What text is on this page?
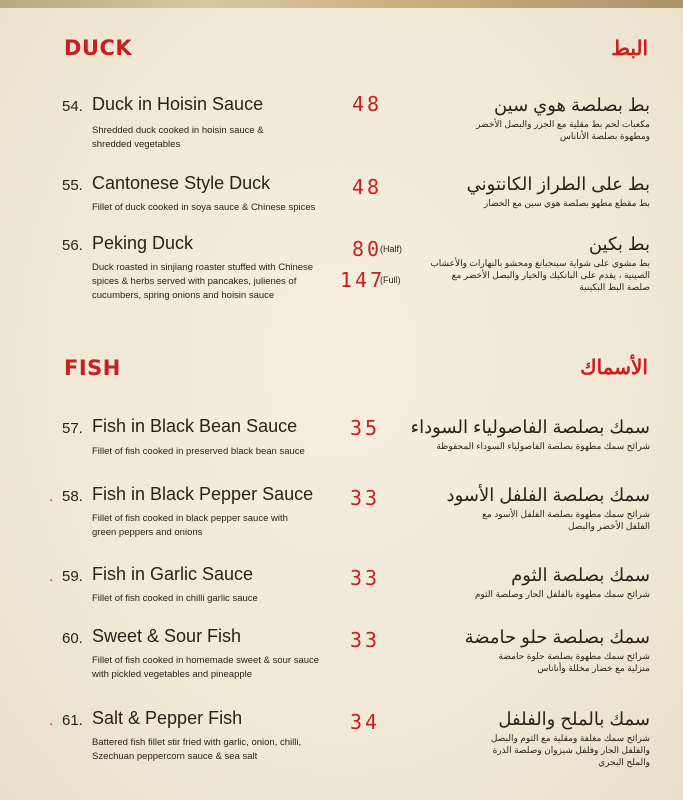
DUCK	البط
54. Duck in Hoisin Sauce
Shredded duck cooked in hoisin sauce & shredded vegetables
48	بط بصلصة هوي سين
مكعبات لحم بط مقلية مع الجزر والبصل الأخضر ومطهوة بصلصة الأناناس
55. Cantonese Style Duck
Fillet of duck cooked in soya sauce & Chinese spices
48	بط على الطراز الكانتوني
بط مقطع مطهو بصلصة هوي سين مع الخضار
56. Peking Duck
Duck roasted in sinjiang roaster stuffed with Chinese spices & herbs served with pancakes, julienes of cucumbers, spring onions and hoisin sauce
80
(Half)
147
(Full)
بط بكين
بط مشوي على شواية سينجيانغ ومحشو بالبهارات والأعشاب الصينية ، يقدم على البانكيك والخيار والبصل الأخضر مع صلصة البط البكينية
FISH	الأسماك
57. Fish in Black Bean Sauce
Fillet of fish cooked in preserved black bean sauce
35 سمك بصلصة الفاصولياء السوداء
شرائح سمك مطهوة بصلصة الفاصولياء السوداء المحفوظة
˛ 58. Fish in Black Pepper Sauce
Fillet of fish cooked in black pepper sauce with green peppers and onions
33	سمك بصلصة الفلفل الأسود
شرائح سمك مطهوة بصلصة الفلفل الأسود مع الفلفل الأخضر والبصل
˛ 59. Fish in Garlic Sauce
Fillet of fish cooked in chilli garlic sauce
33	سمك بصلصة الثوم
شرائح سمك مطهوة بالفلفل الحار وصلصة الثوم
60. Sweet & Sour Fish
Fillet of fish cooked in homemade sweet & sour sauce with pickled vegetables and pineapple
33	سمك بصلصة حلو حامضة
شرائح سمك مطهوة بصلصة حلوة حامضة منزلية مع خضار مخللة وأناناس
˛ 61. Salt & Pepper Fish
Battered fish fillet stir fried with garlic, onion, chilli, Szechuan peppercorn sauce & sea salt
34	سمك بالملح والفلفل
شرائح سمك مغلفة ومقلية مع الثوم والبصل والفلفل الحار وفلفل شيزوان وصلصة الذرة والملح البحري
